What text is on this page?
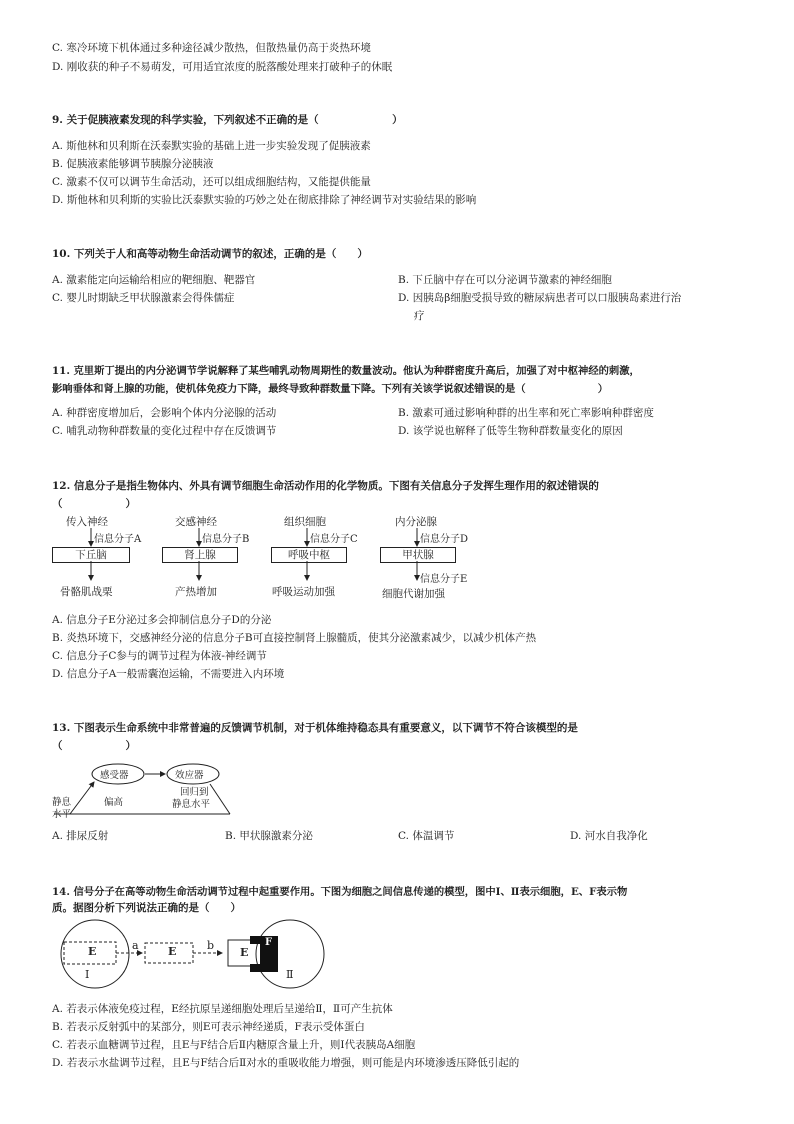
C. 寒冷环境下机体通过多种途径减少散热，但散热量仍高于炎热环境
D. 刚收获的种子不易萌发，可用适宜浓度的脱落酸处理来打破种子的休眠
9. 关于促胰液素发现的科学实验，下列叙述不正确的是（　　　　　　　）
A. 斯他林和贝利斯在沃泰默实验的基础上进一步实验发现了促胰液素
B. 促胰液素能够调节胰腺分泌胰液
C. 激素不仅可以调节生命活动，还可以组成细胞结构，又能提供能量
D. 斯他林和贝利斯的实验比沃泰默实验的巧妙之处在彻底排除了神经调节对实验结果的影响
10. 下列关于人和高等动物生命活动调节的叙述，正确的是（　　）
A. 激素能定向运输给相应的靶细胞、靶器官	B. 下丘脑中存在可以分泌调节激素的神经细胞
C. 婴儿时期缺乏甲状腺激素会得侏儒症	D. 因胰岛β细胞受损导致的糖尿病患者可以口服胰岛素进行治
疗
11. 克里斯丁提出的内分泌调节学说解释了某些哺乳动物周期性的数量波动。他认为种群密度升高后，加强了对中枢神经的刺激，
影响垂体和肾上腺的功能，使机体免疫力下降，最终导致种群数量下降。下列有关该学说叙述错误的是（　　　　　　　）
A. 种群密度增加后，会影响个体内分泌腺的活动	B. 激素可通过影响种群的出生率和死亡率影响种群密度
C. 哺乳动物种群数量的变化过程中存在反馈调节	D. 该学说也解释了低等生物种群数量变化的原因
12. 信息分子是指生物体内、外具有调节细胞生命活动作用的化学物质。下图有关信息分子发挥生理作用的叙述错误的
（　　　　　　）
传入神经
信息分子A
下丘脑
骨骼肌战栗
交感神经
信息分子B
肾上腺
产热增加
组织细胞
信息分子C
呼吸中枢
呼吸运动加强
内分泌腺
信息分子D
甲状腺
信息分子E
细胞代谢加强
A. 信息分子E分泌过多会抑制信息分子D的分泌
B. 炎热环境下，交感神经分泌的信息分子B可直接控制肾上腺髓质，使其分泌激素减少，以减少机体产热
C. 信息分子C参与的调节过程为体液-神经调节
D. 信息分子A一般需囊泡运输，不需要进入内环境
13. 下图表示生命系统中非常普遍的反馈调节机制，对于机体维持稳态具有重要意义，以下调节不符合该模型的是
（　　　　　　）
感受器	效应器
偏高
回归到
静息水平
静息
水平
A. 排尿反射	B. 甲状腺激素分泌	C. 体温调节	D. 河水自我净化
14. 信号分子在高等动物生命活动调节过程中起重要作用。下图为细胞之间信息传递的模型，图中Ⅰ、Ⅱ表示细胞，E、F表示物
质。据图分析下列说法正确的是（　　）
E	a	E	b
E
F
Ⅰ	Ⅱ
A. 若表示体液免疫过程，E经抗原呈递细胞处理后呈递给Ⅱ，Ⅱ可产生抗体
B. 若表示反射弧中的某部分，则E可表示神经递质，F表示受体蛋白
C. 若表示血糖调节过程，且E与F结合后Ⅱ内糖原含量上升，则Ⅰ代表胰岛A细胞
D. 若表示水盐调节过程，且E与F结合后Ⅱ对水的重吸收能力增强，则可能是内环境渗透压降低引起的
